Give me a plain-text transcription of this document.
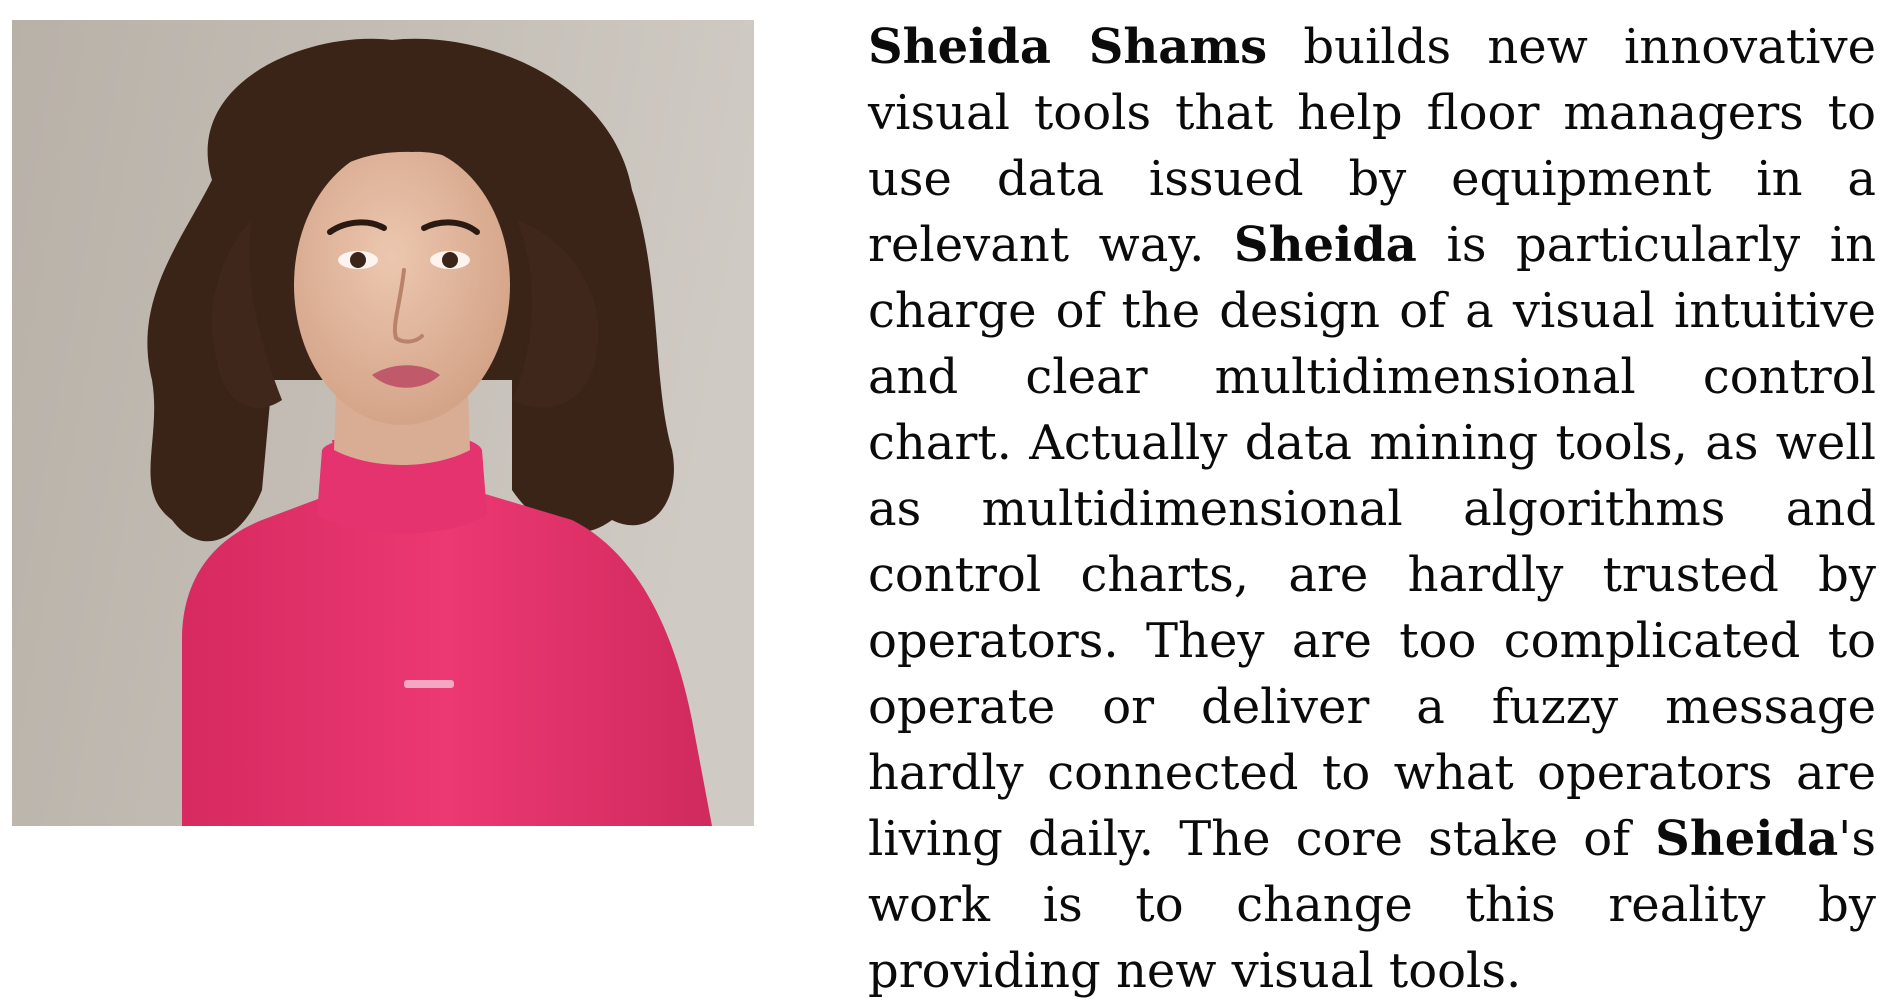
Sheida Shams builds new innovative visual tools that help floor managers to use data issued by equipment in a relevant way. Sheida is particularly in charge of the design of a visual intuitive and clear multidimensional control chart. Actually data mining tools, as well as multidimensional algorithms and control charts, are hardly trusted by operators. They are too complicated to operate or deliver a fuzzy message hardly connected to what operators are living daily. The core stake of Sheida's work is to change this reality by providing new visual tools.
